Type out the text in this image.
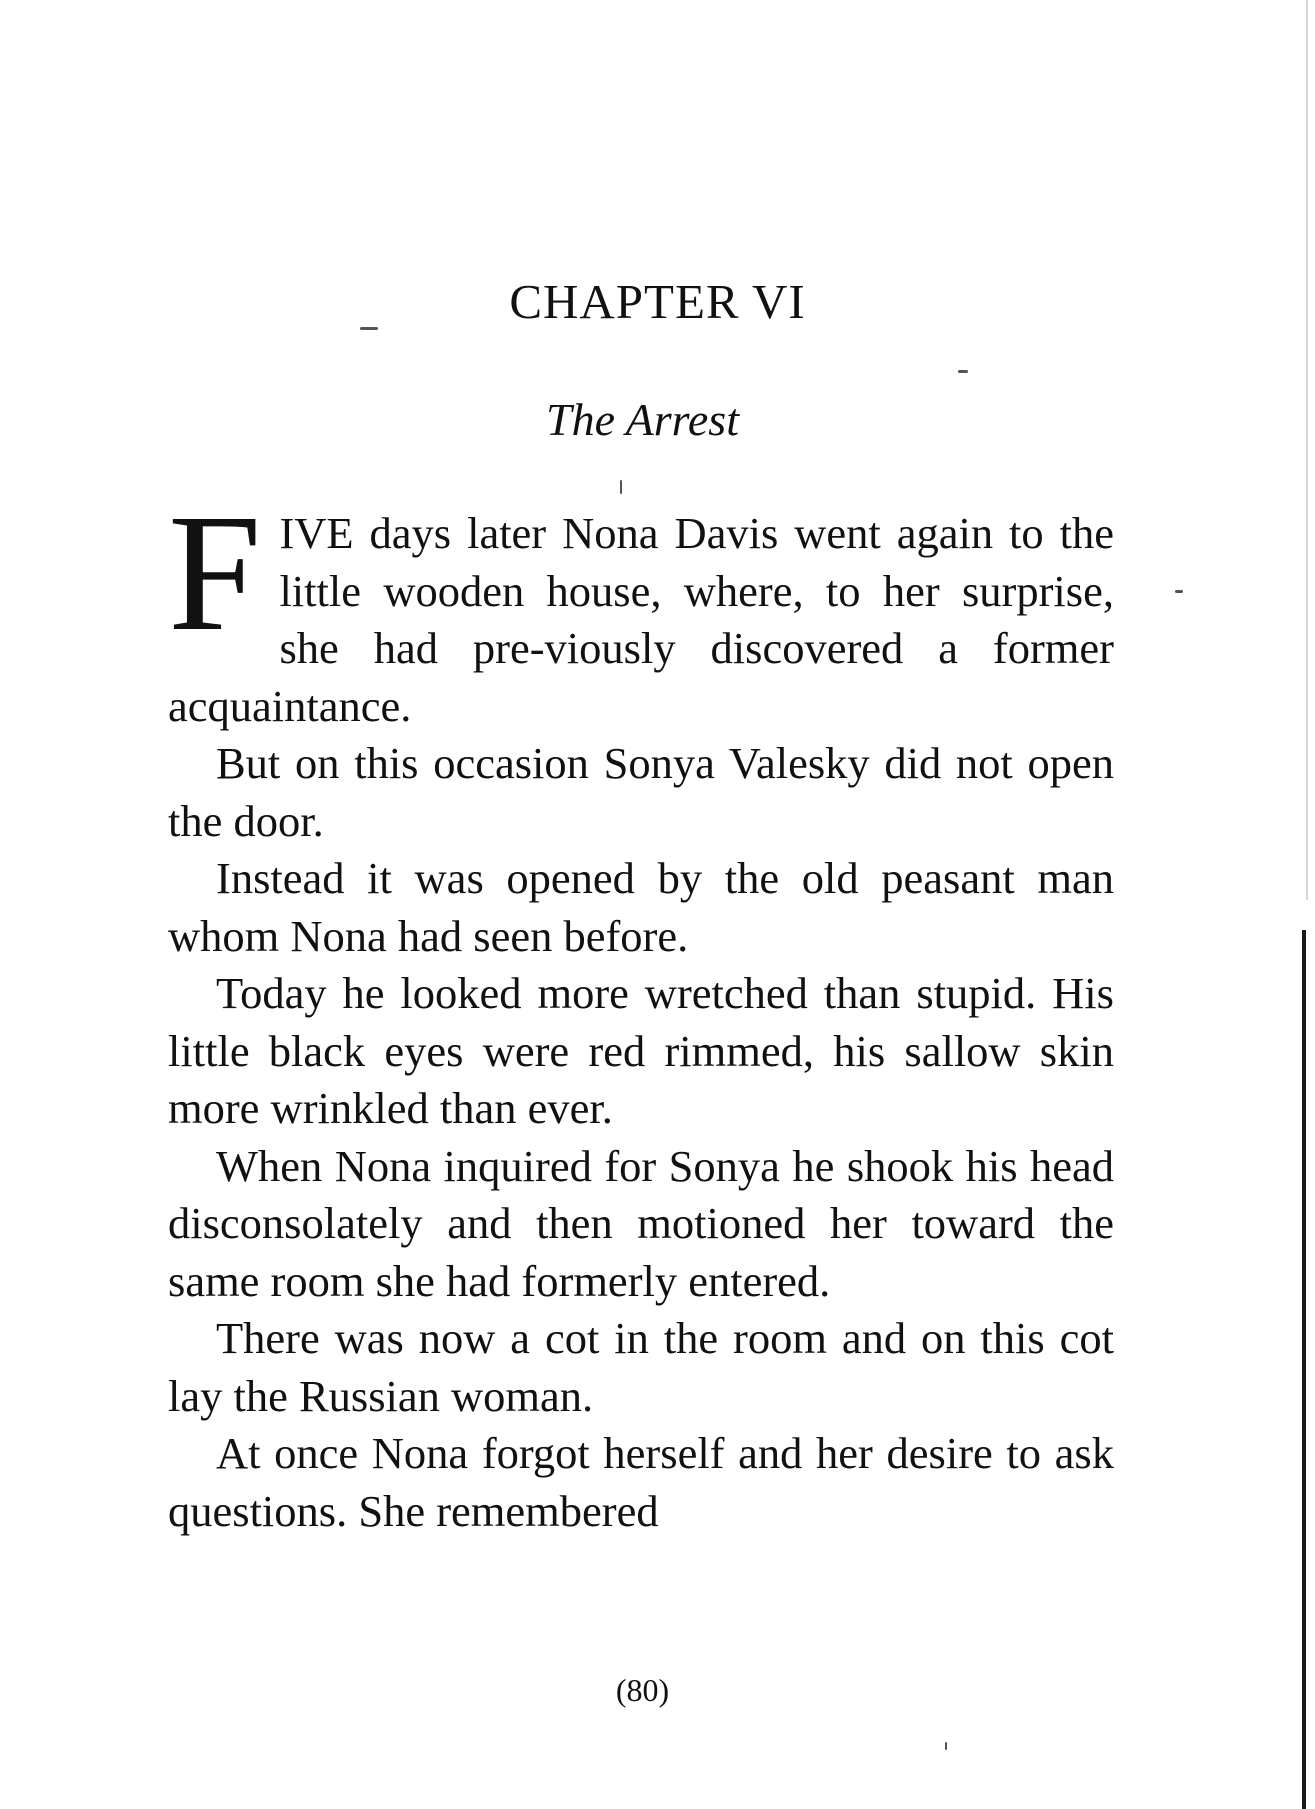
CHAPTER VI
The Arrest

FIVE days later Nona Davis went again to the little wooden house, where, to her surprise, she had pre-viously discovered a former acquaintance.

But on this occasion Sonya Valesky did not open the door.

Instead it was opened by the old peasant man whom Nona had seen before.

Today he looked more wretched than stupid. His little black eyes were red rimmed, his sallow skin more wrinkled than ever.

When Nona inquired for Sonya he shook his head disconsolately and then motioned her toward the same room she had formerly entered.

There was now a cot in the room and on this cot lay the Russian woman.

At once Nona forgot herself and her desire to ask questions. She remembered

(80)
